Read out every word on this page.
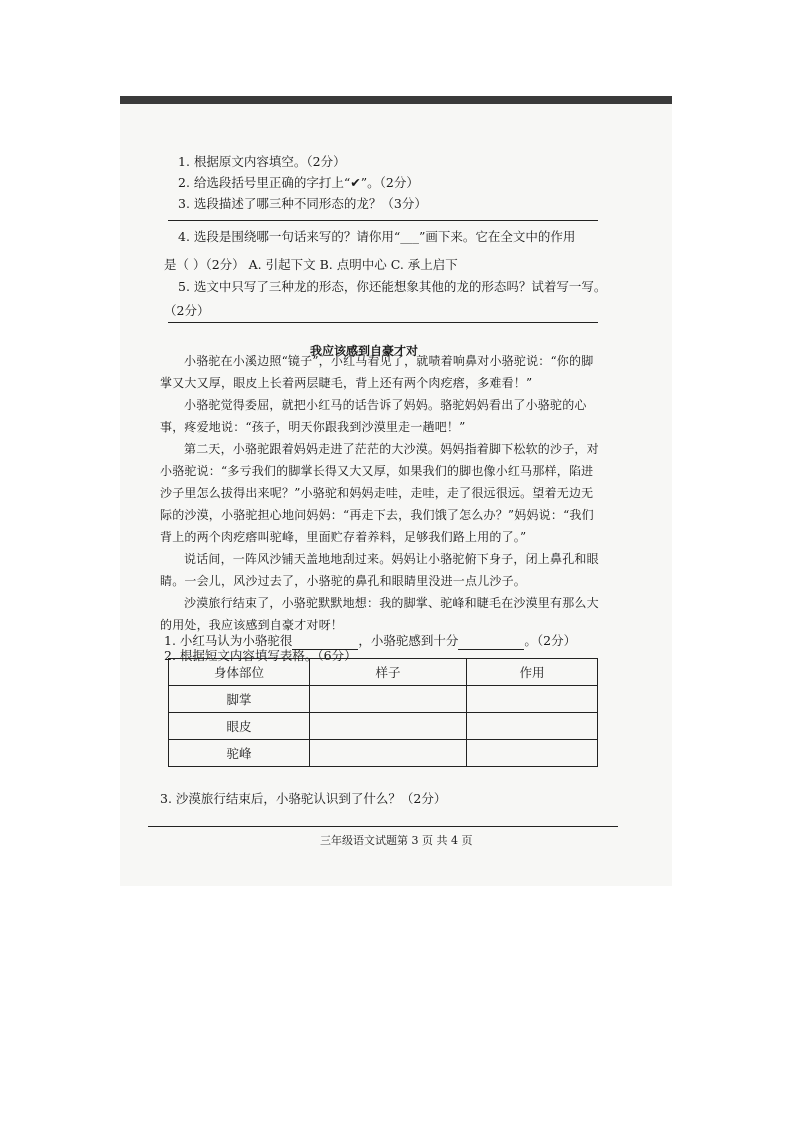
1. 根据原文内容填空。（2分）
2. 给选段括号里正确的字打上“✔”。（2分）
3. 选段描述了哪三种不同形态的龙？（3分）
4. 选段是围绕哪一句话来写的？请你用“___”画下来。它在全文中的作用
是（ ）（2分） A. 引起下文 B. 点明中心 C. 承上启下
5. 选文中只写了三种龙的形态，你还能想象其他的龙的形态吗？试着写一写。
（2分）
我应该感到自豪才对
小骆驼在小溪边照“镜子”，小红马看见了，就啧着响鼻对小骆驼说：“你的脚掌又大又厚，眼皮上长着两层睫毛，背上还有两个肉疙瘩，多难看！”
小骆驼觉得委屈，就把小红马的话告诉了妈妈。骆驼妈妈看出了小骆驼的心事，疼爱地说：“孩子，明天你跟我到沙漠里走一趟吧！”
第二天，小骆驼跟着妈妈走进了茫茫的大沙漠。妈妈指着脚下松软的沙子，对小骆驼说：“多亏我们的脚掌长得又大又厚，如果我们的脚也像小红马那样，陷进沙子里怎么拔得出来呢？”小骆驼和妈妈走哇，走哇，走了很远很远。望着无边无际的沙漠，小骆驼担心地问妈妈：“再走下去，我们饿了怎么办？”妈妈说：“我们背上的两个肉疙瘩叫驼峰，里面贮存着养料，足够我们路上用的了。”
说话间，一阵风沙铺天盖地地刮过来。妈妈让小骆驼俯下身子，闭上鼻孔和眼睛。一会儿，风沙过去了，小骆驼的鼻孔和眼睛里没进一点儿沙子。
沙漠旅行结束了，小骆驼默默地想：我的脚掌、驼峰和睫毛在沙漠里有那么大的用处，我应该感到自豪才对呀！
1. 小红马认为小骆驼很	，小骆驼感到十分	。（2分）
2. 根据短文内容填写表格。（6分）
身体部位	样子	作用
脚掌		
眼皮		
驼峰		
3. 沙漠旅行结束后，小骆驼认识到了什么？（2分）
三年级语文试题第 3 页 共 4 页
